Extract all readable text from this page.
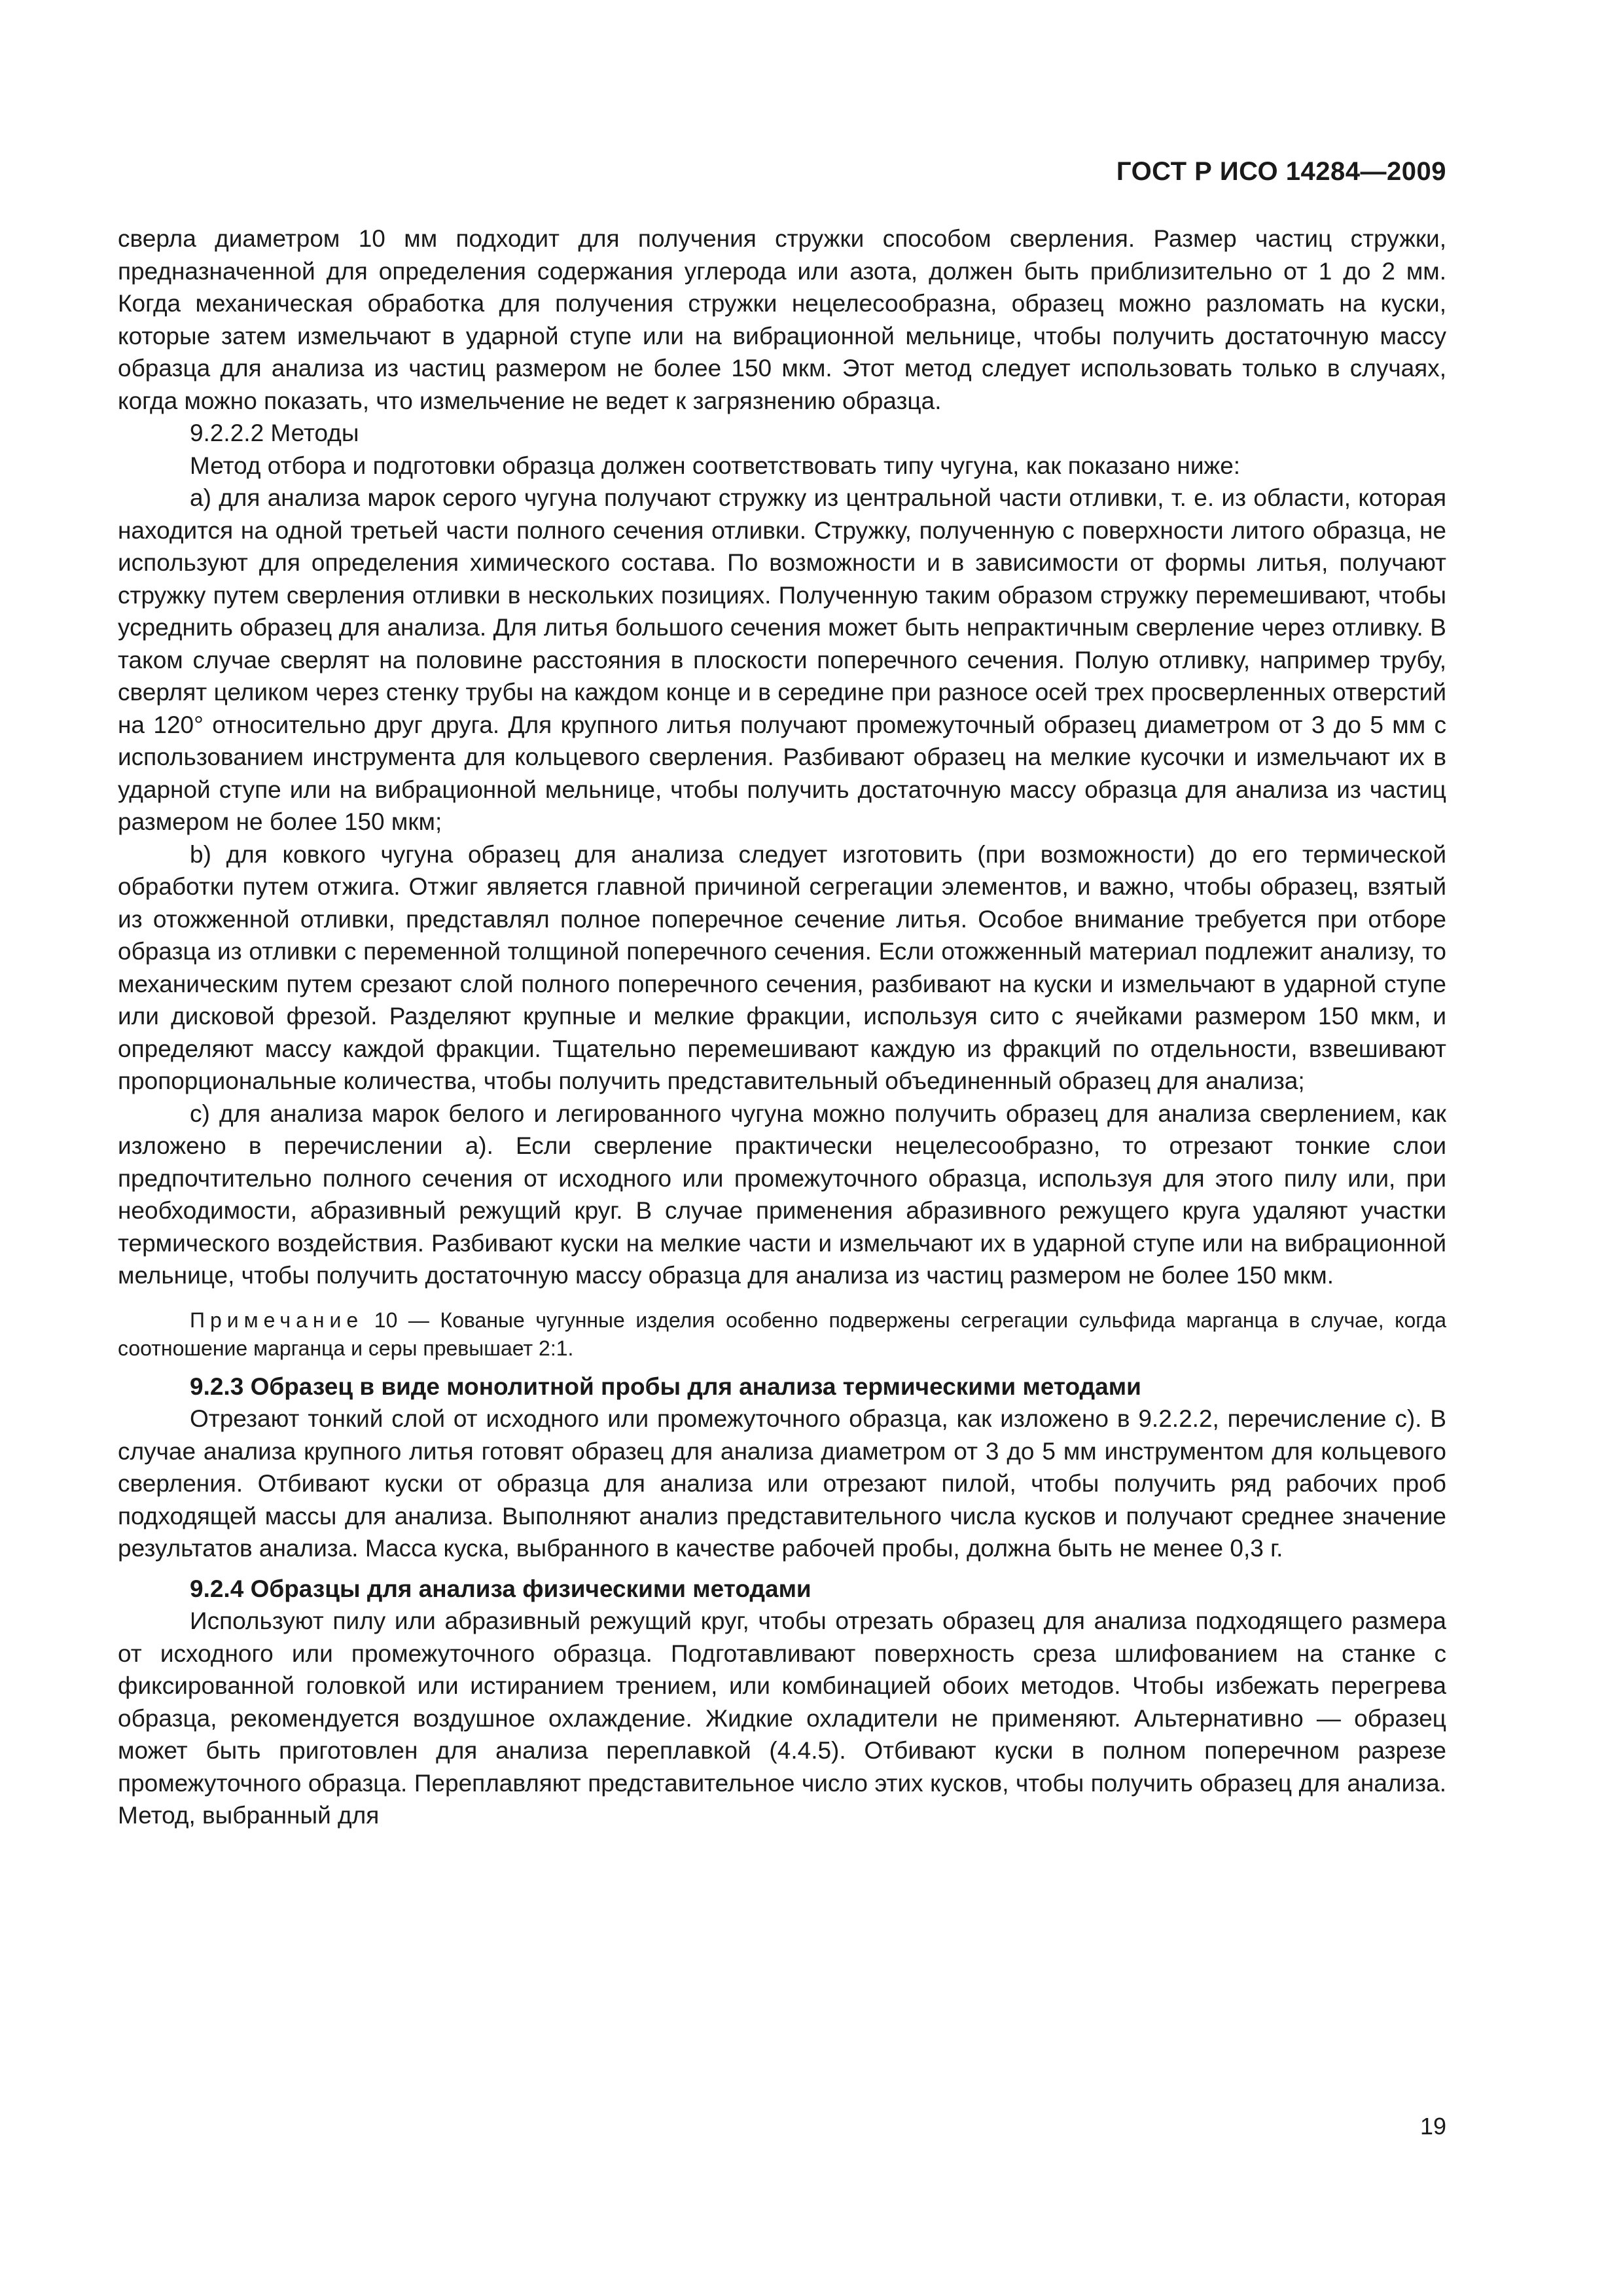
ГОСТ Р ИСО 14284—2009

сверла диаметром 10 мм подходит для получения стружки способом сверления. Размер частиц стружки, предназначенной для определения содержания углерода или азота, должен быть приблизительно от 1 до 2 мм. Когда механическая обработка для получения стружки нецелесообразна, образец можно разломать на куски, которые затем измельчают в ударной ступе или на вибрационной мельнице, чтобы получить достаточную массу образца для анализа из частиц размером не более 150 мкм. Этот метод следует использовать только в случаях, когда можно показать, что измельчение не ведет к загрязнению образца.

9.2.2.2 Методы

Метод отбора и подготовки образца должен соответствовать типу чугуна, как показано ниже:

а) для анализа марок серого чугуна получают стружку из центральной части отливки, т. е. из области, которая находится на одной третьей части полного сечения отливки. Стружку, полученную с поверхности литого образца, не используют для определения химического состава. По возможности и в зависимости от формы литья, получают стружку путем сверления отливки в нескольких позициях. Полученную таким образом стружку перемешивают, чтобы усреднить образец для анализа. Для литья большого сечения может быть непрактичным сверление через отливку. В таком случае сверлят на половине расстояния в плоскости поперечного сечения. Полую отливку, например трубу, сверлят целиком через стенку трубы на каждом конце и в середине при разносе осей трех просверленных отверстий на 120° относительно друг друга. Для крупного литья получают промежуточный образец диаметром от 3 до 5 мм с использованием инструмента для кольцевого сверления. Разбивают образец на мелкие кусочки и измельчают их в ударной ступе или на вибрационной мельнице, чтобы получить достаточную массу образца для анализа из частиц размером не более 150 мкм;

b) для ковкого чугуна образец для анализа следует изготовить (при возможности) до его термической обработки путем отжига. Отжиг является главной причиной сегрегации элементов, и важно, чтобы образец, взятый из отожженной отливки, представлял полное поперечное сечение литья. Особое внимание требуется при отборе образца из отливки с переменной толщиной поперечного сечения. Если отожженный материал подлежит анализу, то механическим путем срезают слой полного поперечного сечения, разбивают на куски и измельчают в ударной ступе или дисковой фрезой. Разделяют крупные и мелкие фракции, используя сито с ячейками размером 150 мкм, и определяют массу каждой фракции. Тщательно перемешивают каждую из фракций по отдельности, взвешивают пропорциональные количества, чтобы получить представительный объединенный образец для анализа;

с) для анализа марок белого и легированного чугуна можно получить образец для анализа сверлением, как изложено в перечислении а). Если сверление практически нецелесообразно, то отрезают тонкие слои предпочтительно полного сечения от исходного или промежуточного образца, используя для этого пилу или, при необходимости, абразивный режущий круг. В случае применения абразивного режущего круга удаляют участки термического воздействия. Разбивают куски на мелкие части и измельчают их в ударной ступе или на вибрационной мельнице, чтобы получить достаточную массу образца для анализа из частиц размером не более 150 мкм.

Примечание 10 — Кованые чугунные изделия особенно подвержены сегрегации сульфида марганца в случае, когда соотношение марганца и серы превышает 2:1.

9.2.3 Образец в виде монолитной пробы для анализа термическими методами

Отрезают тонкий слой от исходного или промежуточного образца, как изложено в 9.2.2.2, перечисление с). В случае анализа крупного литья готовят образец для анализа диаметром от 3 до 5 мм инструментом для кольцевого сверления. Отбивают куски от образца для анализа или отрезают пилой, чтобы получить ряд рабочих проб подходящей массы для анализа. Выполняют анализ представительного числа кусков и получают среднее значение результатов анализа. Масса куска, выбранного в качестве рабочей пробы, должна быть не менее 0,3 г.

9.2.4 Образцы для анализа физическими методами

Используют пилу или абразивный режущий круг, чтобы отрезать образец для анализа подходящего размера от исходного или промежуточного образца. Подготавливают поверхность среза шлифованием на станке с фиксированной головкой или истиранием трением, или комбинацией обоих методов. Чтобы избежать перегрева образца, рекомендуется воздушное охлаждение. Жидкие охладители не применяют. Альтернативно — образец может быть приготовлен для анализа переплавкой (4.4.5). Отбивают куски в полном поперечном разрезе промежуточного образца. Переплавляют представительное число этих кусков, чтобы получить образец для анализа. Метод, выбранный для

19
